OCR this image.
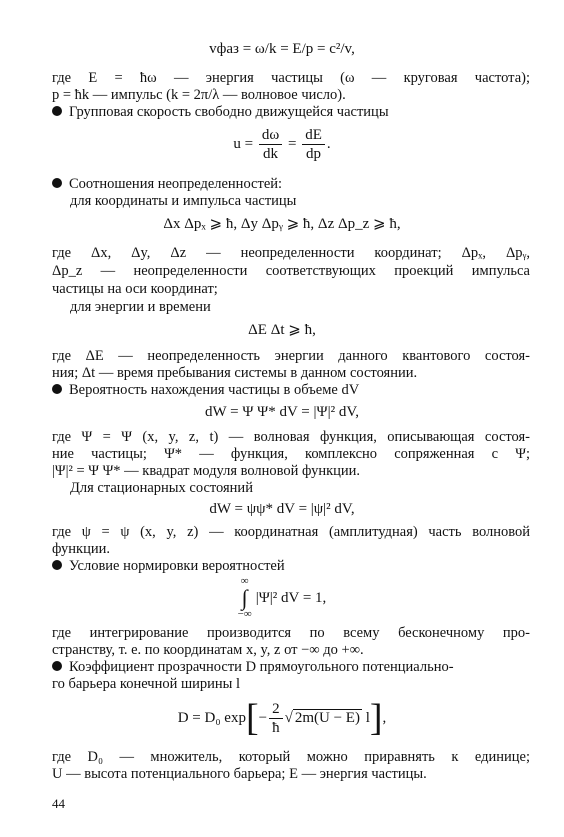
vфаз = ω/k = E/p = c²/v,
где E = ħω — энергия частицы (ω — круговая частота);
p = ħk — импульс (k = 2π/λ — волновое число).
Групповая скорость свободно движущейся частицы
$u = \frac{d\omega}{dk} = \frac{dE}{dp}$ .
Соотношения неопределенностей:
для координаты и импульса частицы
Δx Δpₓ ⩾ ħ, Δy Δpᵧ ⩾ ħ, Δz Δp_z ⩾ ħ,
где Δx, Δy, Δz — неопределенности координат; Δpₓ, Δpᵧ,
Δp_z — неопределенности соответствующих проекций импульса
частицы на оси координат;
для энергии и времени
ΔE Δt ⩾ ħ,
где ΔE — неопределенность энергии данного квантового состоя-
ния; Δt — время пребывания системы в данном состоянии.
Вероятность нахождения частицы в объеме dV
dW = Ψ Ψ* dV = |Ψ|² dV,
где Ψ = Ψ (x, y, z, t) — волновая функция, описывающая состоя-
ние частицы; Ψ* — функция, комплексно сопряженная с Ψ;
|Ψ|² = Ψ Ψ* — квадрат модуля волновой функции.
Для стационарных состояний
dW = ψψ* dV = |ψ|² dV,
где ψ = ψ (x, y, z) — координатная (амплитудная) часть волновой
функции.
Условие нормировки вероятностей
∞
∫
−∞|Ψ|² dV = 1,
где интегрирование производится по всему бесконечному про-
странству, т. е. по координатам x, y, z от −∞ до +∞.
Коэффициент прозрачности D прямоугольного потенциально-
го барьера конечной ширины l
D = D₀ $\exp[- \frac{2}{ħ}$ √ 2m(U − E) l],
где D₀ — множитель, который можно приравнять к единице;
U — высота потенциального барьера; E — энергия частицы.
44
